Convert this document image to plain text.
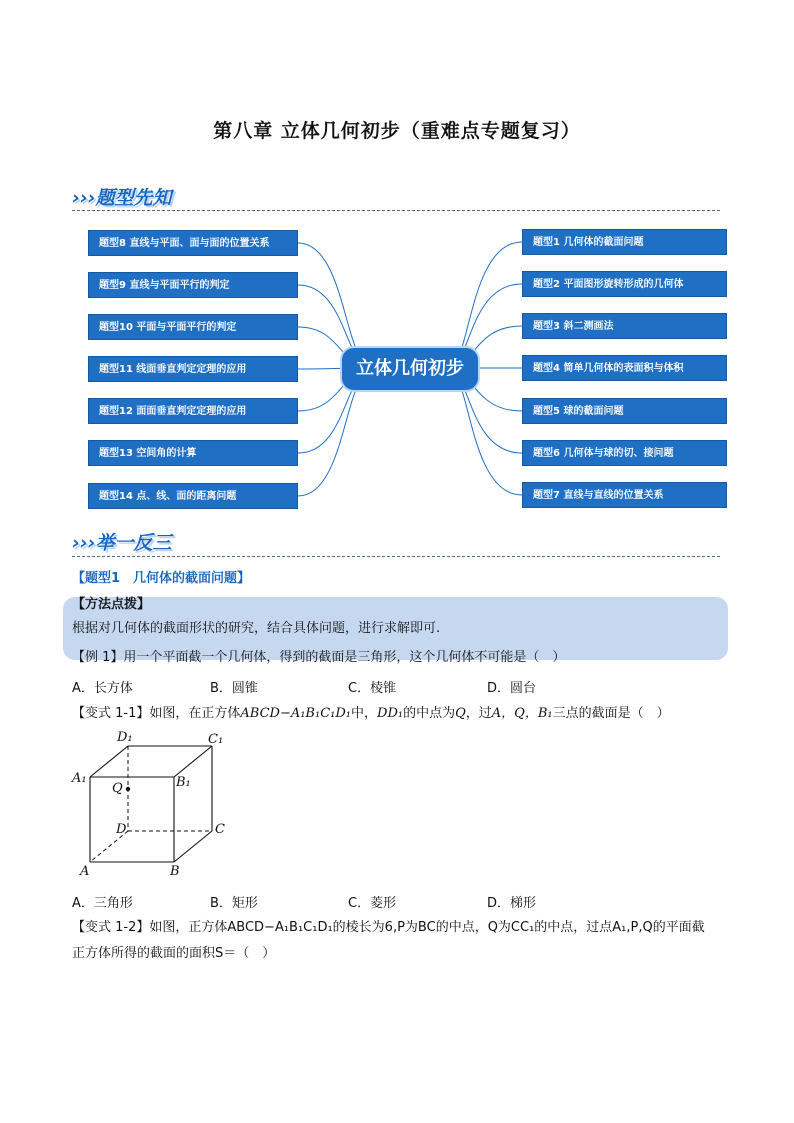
第八章 立体几何初步（重难点专题复习）
›››题型先知
题型8 直线与平面、面与面的位置关系
题型9 直线与平面平行的判定
题型10 平面与平面平行的判定
题型11 线面垂直判定定理的应用
题型12 面面垂直判定定理的应用
题型13 空间角的计算
题型14 点、线、面的距离问题
题型1 几何体的截面问题
题型2 平面图形旋转形成的几何体
题型3 斜二测画法
题型4 简单几何体的表面积与体积
题型5 球的截面问题
题型6 几何体与球的切、接问题
题型7 直线与直线的位置关系
立体几何初步
›››举一反三
【题型1　几何体的截面问题】
【方法点拨】
根据对几何体的截面形状的研究，结合具体问题，进行求解即可.
【例 1】用一个平面截一个几何体，得到的截面是三角形，这个几何体不可能是（　）
A．长方体	B．圆锥	C．棱锥	D．圆台
【变式 1-1】如图，在正方体ABCD−A₁B₁C₁D₁中，DD₁的中点为Q，过A，Q，B₁三点的截面是（　）
D₁	C₁
A₁	B₁
Q
D	C
A	B
A．三角形	B．矩形	C．菱形	D．梯形
【变式 1-2】如图，正方体ABCD−A₁B₁C₁D₁的棱长为6,P为BC的中点，Q为CC₁的中点，过点A₁,P,Q的平面截
正方体所得的截面的面积S＝（　）
